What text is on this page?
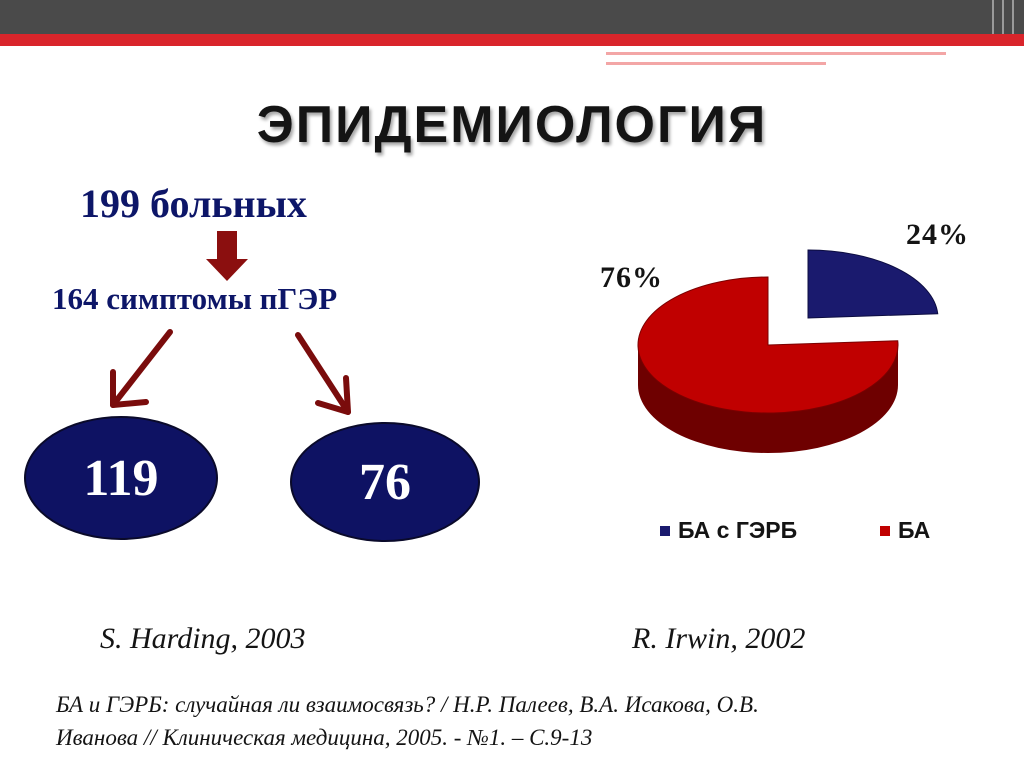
ЭПИДЕМИОЛОГИЯ
199 больных
164 симптомы пГЭР
119	76
24%
76%
БА с ГЭРБ	БА
S. Harding, 2003	R. Irwin, 2002
БА и ГЭРБ: случайная ли взаимосвязь? / Н.Р. Палеев, В.А. Исакова, О.В.
Иванова // Клиническая медицина, 2005. - №1. – С.9-13
